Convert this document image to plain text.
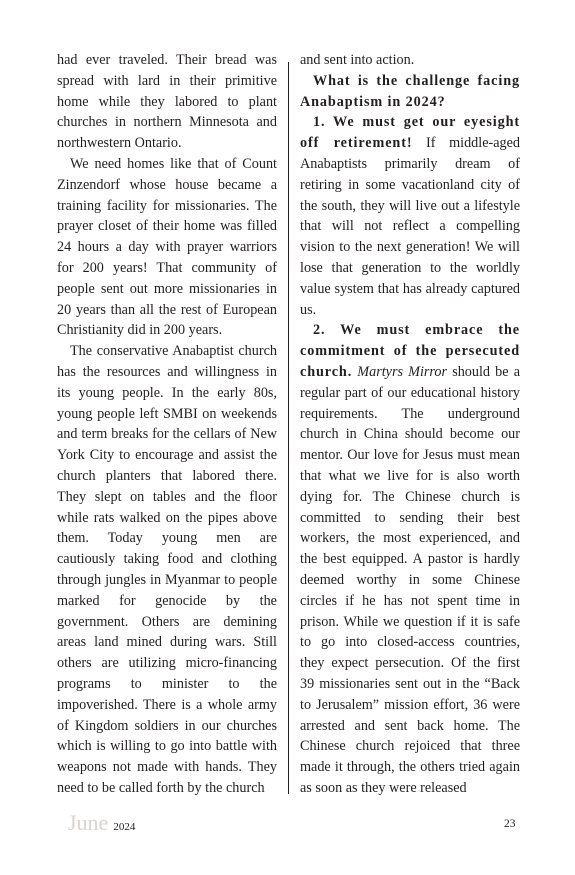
had ever traveled. Their bread was spread with lard in their primitive home while they labored to plant churches in northern Minnesota and northwestern Ontario.

We need homes like that of Count Zinzendorf whose house became a training facility for missionaries. The prayer closet of their home was filled 24 hours a day with prayer warriors for 200 years! That community of people sent out more missionaries in 20 years than all the rest of European Christianity did in 200 years.

The conservative Anabaptist church has the resources and willingness in its young people. In the early 80s, young people left SMBI on weekends and term breaks for the cellars of New York City to encourage and assist the church planters that labored there. They slept on tables and the floor while rats walked on the pipes above them. Today young men are cautiously taking food and clothing through jungles in Myanmar to people marked for genocide by the government. Others are demining areas land mined during wars. Still others are utilizing micro-financing programs to minister to the impoverished. There is a whole army of Kingdom soldiers in our churches which is willing to go into battle with weapons not made with hands. They need to be called forth by the church

and sent into action.

What is the challenge facing Anabaptism in 2024?

1. We must get our eyesight off retirement! If middle-aged Anabaptists primarily dream of retiring in some vacationland city of the south, they will live out a lifestyle that will not reflect a compelling vision to the next generation! We will lose that generation to the worldly value system that has already captured us.

2. We must embrace the commitment of the persecuted church. Martyrs Mirror should be a regular part of our educational history requirements. The underground church in China should become our mentor. Our love for Jesus must mean that what we live for is also worth dying for. The Chinese church is committed to sending their best workers, the most experienced, and the best equipped. A pastor is hardly deemed worthy in some Chinese circles if he has not spent time in prison. While we question if it is safe to go into closed-access countries, they expect persecution. Of the first 39 missionaries sent out in the “Back to Jerusalem” mission effort, 36 were arrested and sent back home. The Chinese church rejoiced that three made it through, the others tried again as soon as they were released

June 2024	23
